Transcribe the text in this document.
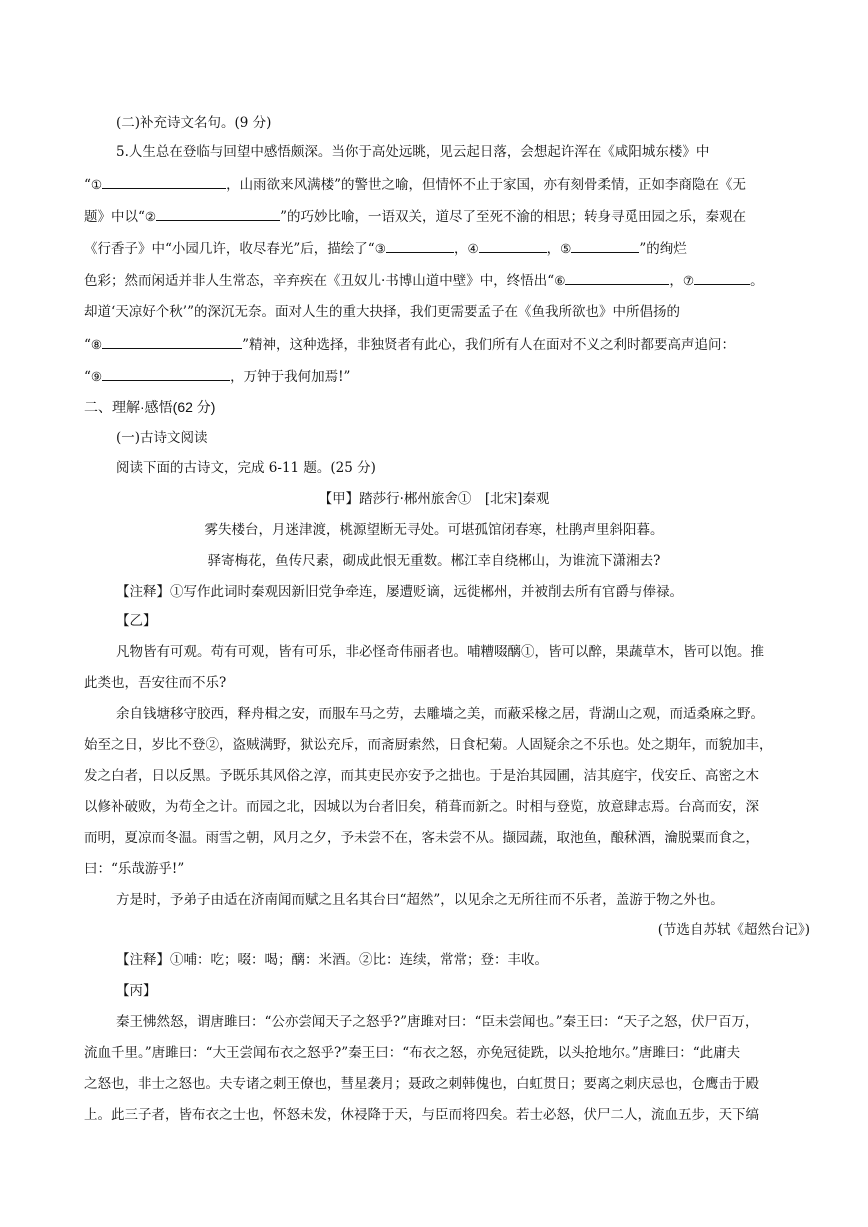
(二)补充诗文名句。(9 分)
5.人生总在登临与回望中感悟颇深。当你于高处远眺，见云起日落，会想起许浑在《咸阳城东楼》中
“①	，山雨欲来风满楼”的警世之喻，但情怀不止于家国，亦有刻骨柔情，正如李商隐在《无
题》中以“②	”的巧妙比喻，一语双关，道尽了至死不渝的相思；转身寻觅田园之乐，秦观在
《行香子》中“小园几许，收尽春光”后，描绘了“③	，④	，⑤	”的绚烂
色彩；然而闲适并非人生常态，辛弃疾在《丑奴儿·书博山道中壁》中，终悟出“⑥	，⑦	。
却道‘天凉好个秋’”的深沉无奈。面对人生的重大抉择，我们更需要孟子在《鱼我所欲也》中所倡扬的
“⑧	”精神，这种选择，非独贤者有此心，我们所有人在面对不义之利时都要高声追问：
“⑨	，万钟于我何加焉!”
二、理解·感悟(62 分)
(一)古诗文阅读
阅读下面的古诗文，完成 6-11 题。(25 分)
【甲】踏莎行·郴州旅舍①　[北宋]秦观
雾失楼台，月迷津渡，桃源望断无寻处。可堪孤馆闭春寒，杜鹃声里斜阳暮。
驿寄梅花，鱼传尺素，砌成此恨无重数。郴江幸自绕郴山，为谁流下潇湘去?
【注释】①写作此词时秦观因新旧党争牵连，屡遭贬谪，远徙郴州，并被削去所有官爵与俸禄。
【乙】
凡物皆有可观。苟有可观，皆有可乐，非必怪奇伟丽者也。哺糟啜醨①，皆可以醉，果蔬草木，皆可以饱。推
此类也，吾安往而不乐?
余自钱塘移守胶西，释舟楫之安，而服车马之劳，去雕墙之美，而蔽采椽之居，背湖山之观，而适桑麻之野。
始至之日，岁比不登②，盗贼满野，狱讼充斥，而斋厨索然，日食杞菊。人固疑余之不乐也。处之期年，而貌加丰，
发之白者，日以反黑。予既乐其风俗之淳，而其吏民亦安予之拙也。于是治其园圃，洁其庭宇，伐安丘、高密之木
以修补破败，为苟全之计。而园之北，因城以为台者旧矣，稍葺而新之。时相与登览，放意肆志焉。台高而安，深
而明，夏凉而冬温。雨雪之朝，风月之夕，予未尝不在，客未尝不从。撷园蔬，取池鱼，酿秫酒，瀹脱粟而食之，
曰：“乐哉游乎!”
方是时，予弟子由适在济南闻而赋之且名其台曰“超然”，以见余之无所往而不乐者，盖游于物之外也。
(节选自苏轼《超然台记》)
【注释】①哺：吃；啜：喝；醨：米酒。②比：连续，常常；登：丰收。
【丙】
秦王怫然怒，谓唐雎曰：“公亦尝闻天子之怒乎?”唐雎对曰：“臣未尝闻也。”秦王曰：“天子之怒，伏尸百万，
流血千里。”唐雎曰：“大王尝闻布衣之怒乎?”秦王曰：“布衣之怒，亦免冠徒跣，以头抢地尔。”唐雎曰：“此庸夫
之怒也，非士之怒也。夫专诸之刺王僚也，彗星袭月；聂政之刺韩傀也，白虹贯日；要离之刺庆忌也，仓鹰击于殿
上。此三子者，皆布衣之士也，怀怒未发，休祲降于天，与臣而将四矣。若士必怒，伏尸二人，流血五步，天下缟
